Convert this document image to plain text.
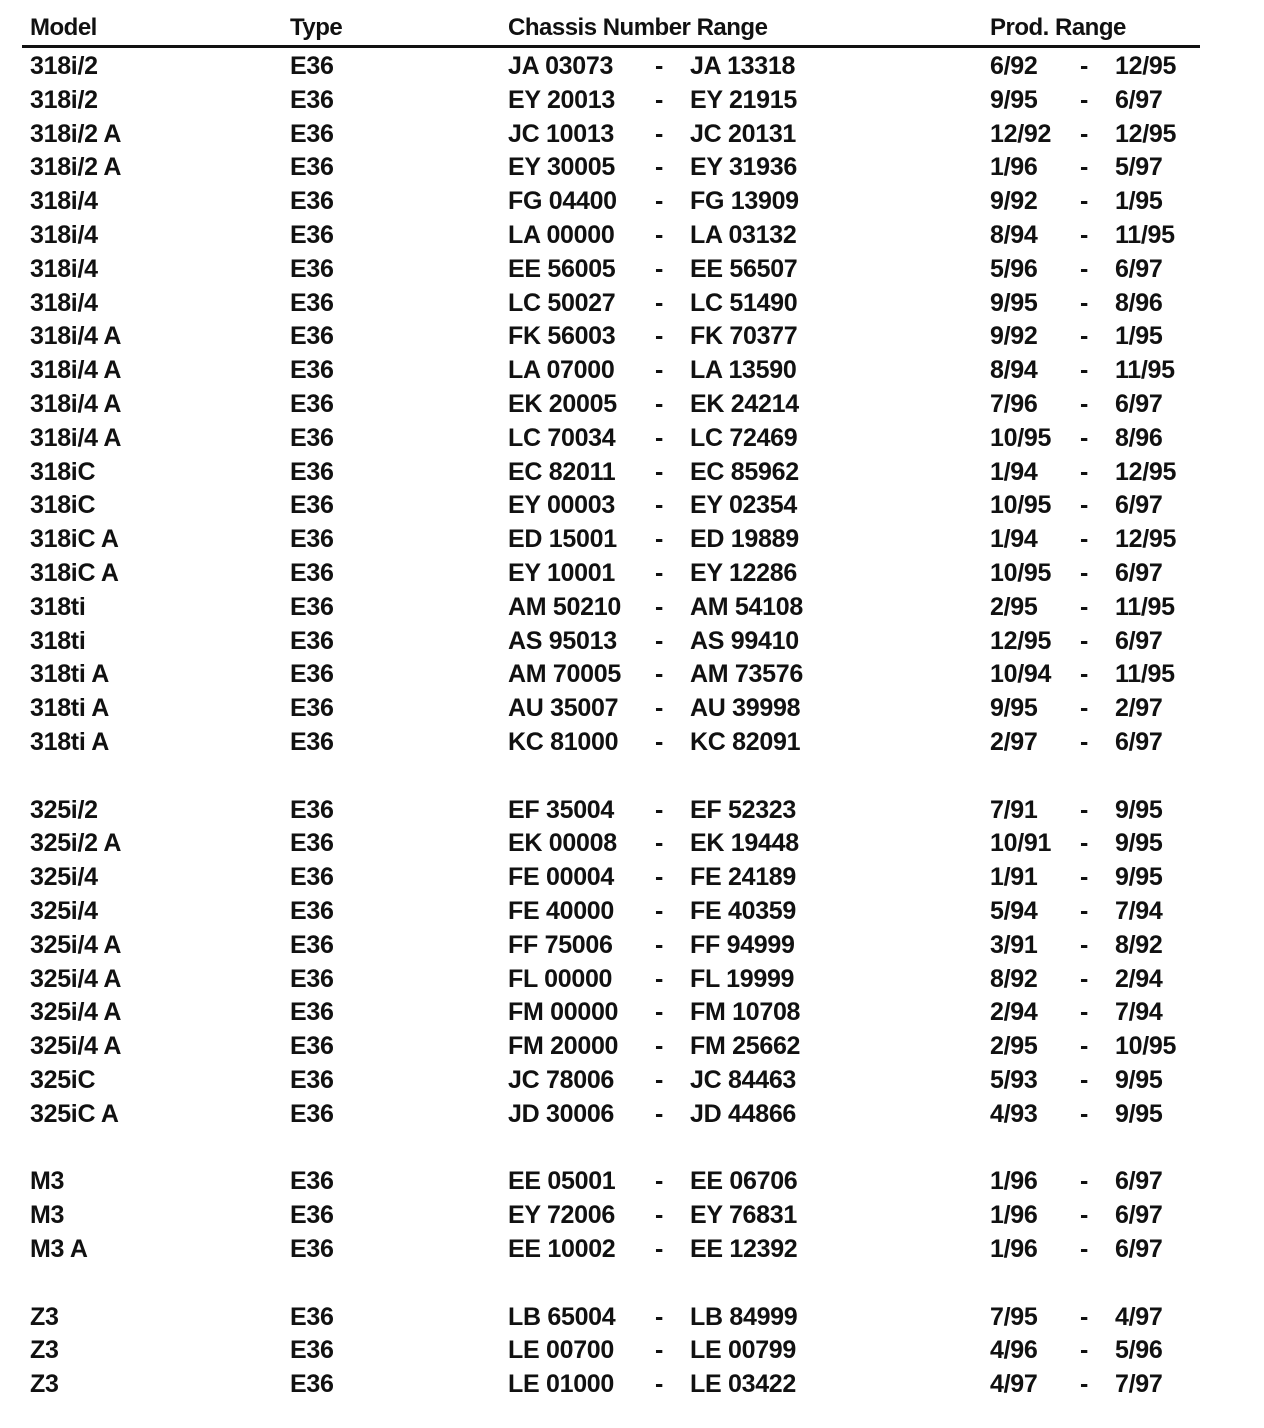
Model	Type	Chassis Number Range	Prod. Range
318i/2	E36	JA 03073 - JA 13318	6/92 - 12/95
318i/2	E36	EY 20013 - EY 21915	9/95 - 6/97
318i/2 A	E36	JC 10013 - JC 20131	12/92 - 12/95
318i/2 A	E36	EY 30005 - EY 31936	1/96 - 5/97
318i/4	E36	FG 04400 - FG 13909	9/92 - 1/95
318i/4	E36	LA 00000 - LA 03132	8/94 - 11/95
318i/4	E36	EE 56005 - EE 56507	5/96 - 6/97
318i/4	E36	LC 50027 - LC 51490	9/95 - 8/96
318i/4 A	E36	FK 56003 - FK 70377	9/92 - 1/95
318i/4 A	E36	LA 07000 - LA 13590	8/94 - 11/95
318i/4 A	E36	EK 20005 - EK 24214	7/96 - 6/97
318i/4 A	E36	LC 70034 - LC 72469	10/95 - 8/96
318iC	E36	EC 82011 - EC 85962	1/94 - 12/95
318iC	E36	EY 00003 - EY 02354	10/95 - 6/97
318iC A	E36	ED 15001 - ED 19889	1/94 - 12/95
318iC A	E36	EY 10001 - EY 12286	10/95 - 6/97
318ti	E36	AM 50210 - AM 54108	2/95 - 11/95
318ti	E36	AS 95013 - AS 99410	12/95 - 6/97
318ti A	E36	AM 70005 - AM 73576	10/94 - 11/95
318ti A	E36	AU 35007 - AU 39998	9/95 - 2/97
318ti A	E36	KC 81000 - KC 82091	2/97 - 6/97
325i/2	E36	EF 35004 - EF 52323	7/91 - 9/95
325i/2 A	E36	EK 00008 - EK 19448	10/91 - 9/95
325i/4	E36	FE 00004 - FE 24189	1/91 - 9/95
325i/4	E36	FE 40000 - FE 40359	5/94 - 7/94
325i/4 A	E36	FF 75006 - FF 94999	3/91 - 8/92
325i/4 A	E36	FL 00000 - FL 19999	8/92 - 2/94
325i/4 A	E36	FM 00000 - FM 10708	2/94 - 7/94
325i/4 A	E36	FM 20000 - FM 25662	2/95 - 10/95
325iC	E36	JC 78006 - JC 84463	5/93 - 9/95
325iC A	E36	JD 30006 - JD 44866	4/93 - 9/95
M3	E36	EE 05001 - EE 06706	1/96 - 6/97
M3	E36	EY 72006 - EY 76831	1/96 - 6/97
M3 A	E36	EE 10002 - EE 12392	1/96 - 6/97
Z3	E36	LB 65004 - LB 84999	7/95 - 4/97
Z3	E36	LE 00700 - LE 00799	4/96 - 5/96
Z3	E36	LE 01000 - LE 03422	4/97 - 7/97
